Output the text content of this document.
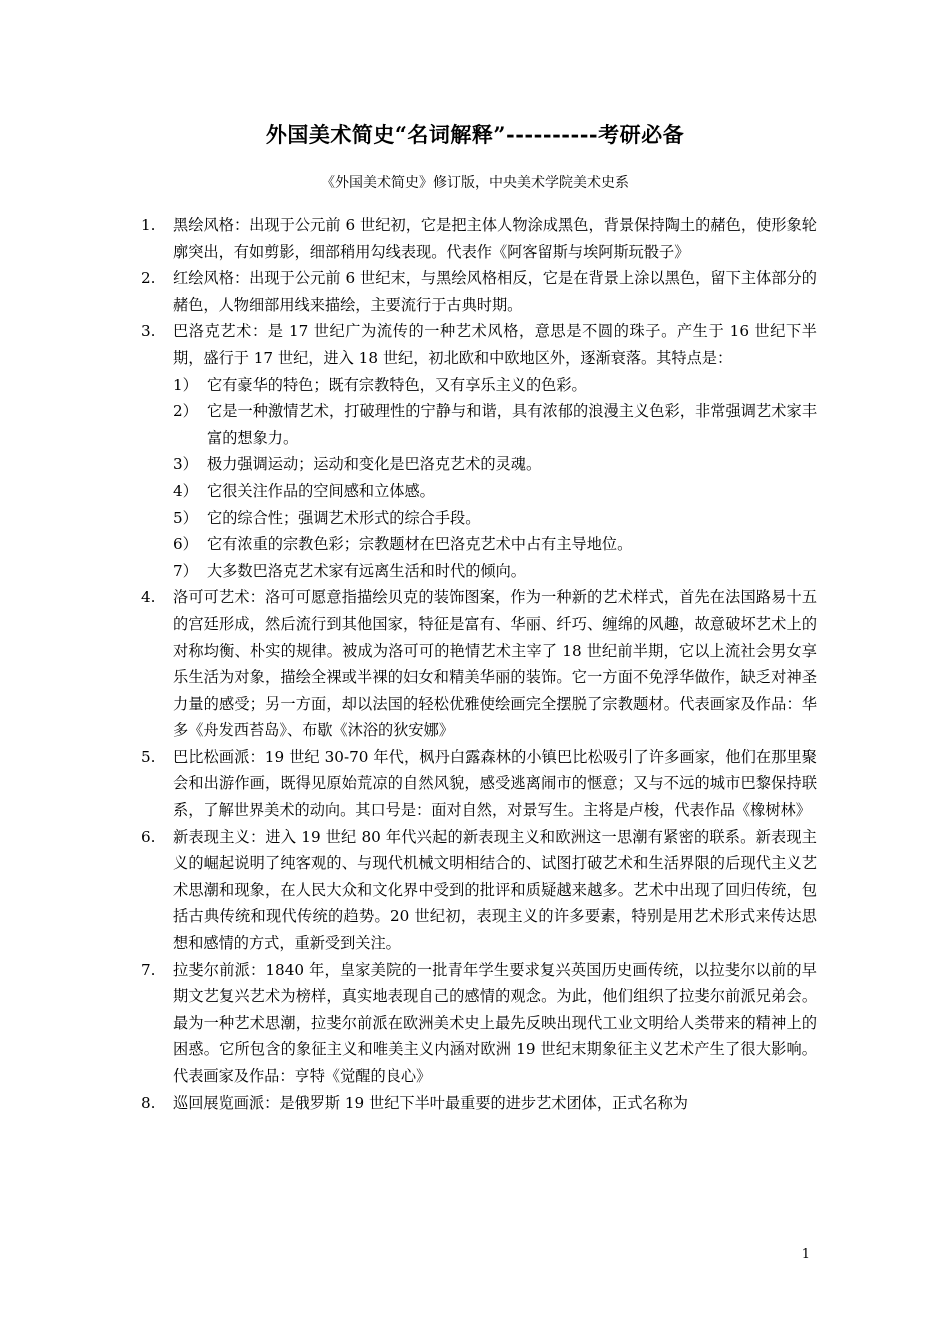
外国美术简史“名词解释”----------考研必备
《外国美术简史》修订版，中央美术学院美术史系
1.	黑绘风格：出现于公元前 6 世纪初，它是把主体人物涂成黑色，背景保持陶土的赭色，使形象轮廓突出，有如剪影，细部稍用勾线表现。代表作《阿客留斯与埃阿斯玩骰子》
2.	红绘风格：出现于公元前 6 世纪末，与黑绘风格相反，它是在背景上涂以黑色，留下主体部分的赭色，人物细部用线来描绘，主要流行于古典时期。
3.	巴洛克艺术：是 17 世纪广为流传的一种艺术风格，意思是不圆的珠子。产生于 16 世纪下半期，盛行于 17 世纪，进入 18 世纪，初北欧和中欧地区外，逐渐衰落。其特点是：
1） 它有豪华的特色；既有宗教特色，又有享乐主义的色彩。
2） 它是一种激情艺术，打破理性的宁静与和谐，具有浓郁的浪漫主义色彩，非常强调艺术家丰富的想象力。
3） 极力强调运动；运动和变化是巴洛克艺术的灵魂。
4） 它很关注作品的空间感和立体感。
5） 它的综合性；强调艺术形式的综合手段。
6） 它有浓重的宗教色彩；宗教题材在巴洛克艺术中占有主导地位。
7） 大多数巴洛克艺术家有远离生活和时代的倾向。
4.	洛可可艺术：洛可可愿意指描绘贝克的装饰图案，作为一种新的艺术样式，首先在法国路易十五的宫廷形成，然后流行到其他国家，特征是富有、华丽、纤巧、缠绵的风趣，故意破坏艺术上的对称均衡、朴实的规律。被成为洛可可的艳情艺术主宰了 18 世纪前半期，它以上流社会男女享乐生活为对象，描绘全裸或半裸的妇女和精美华丽的装饰。它一方面不免浮华做作，缺乏对神圣力量的感受；另一方面，却以法国的轻松优雅使绘画完全摆脱了宗教题材。代表画家及作品：华多《舟发西苔岛》、布歇《沐浴的狄安娜》
5.	巴比松画派：19 世纪 30-70 年代，枫丹白露森林的小镇巴比松吸引了许多画家，他们在那里聚会和出游作画，既得见原始荒凉的自然风貌，感受逃离闹市的惬意；又与不远的城市巴黎保持联系，了解世界美术的动向。其口号是：面对自然，对景写生。主将是卢梭，代表作品《橡树林》
6.	新表现主义：进入 19 世纪 80 年代兴起的新表现主义和欧洲这一思潮有紧密的联系。新表现主义的崛起说明了纯客观的、与现代机械文明相结合的、试图打破艺术和生活界限的后现代主义艺术思潮和现象，在人民大众和文化界中受到的批评和质疑越来越多。艺术中出现了回归传统，包括古典传统和现代传统的趋势。20 世纪初，表现主义的许多要素，特别是用艺术形式来传达思想和感情的方式，重新受到关注。
7.	拉斐尔前派：1840 年，皇家美院的一批青年学生要求复兴英国历史画传统，以拉斐尔以前的早期文艺复兴艺术为榜样，真实地表现自己的感情的观念。为此，他们组织了拉斐尔前派兄弟会。最为一种艺术思潮，拉斐尔前派在欧洲美术史上最先反映出现代工业文明给人类带来的精神上的困惑。它所包含的象征主义和唯美主义内涵对欧洲 19 世纪末期象征主义艺术产生了很大影响。代表画家及作品：亨特《觉醒的良心》
8.	巡回展览画派：是俄罗斯 19 世纪下半叶最重要的进步艺术团体，正式名称为
1
